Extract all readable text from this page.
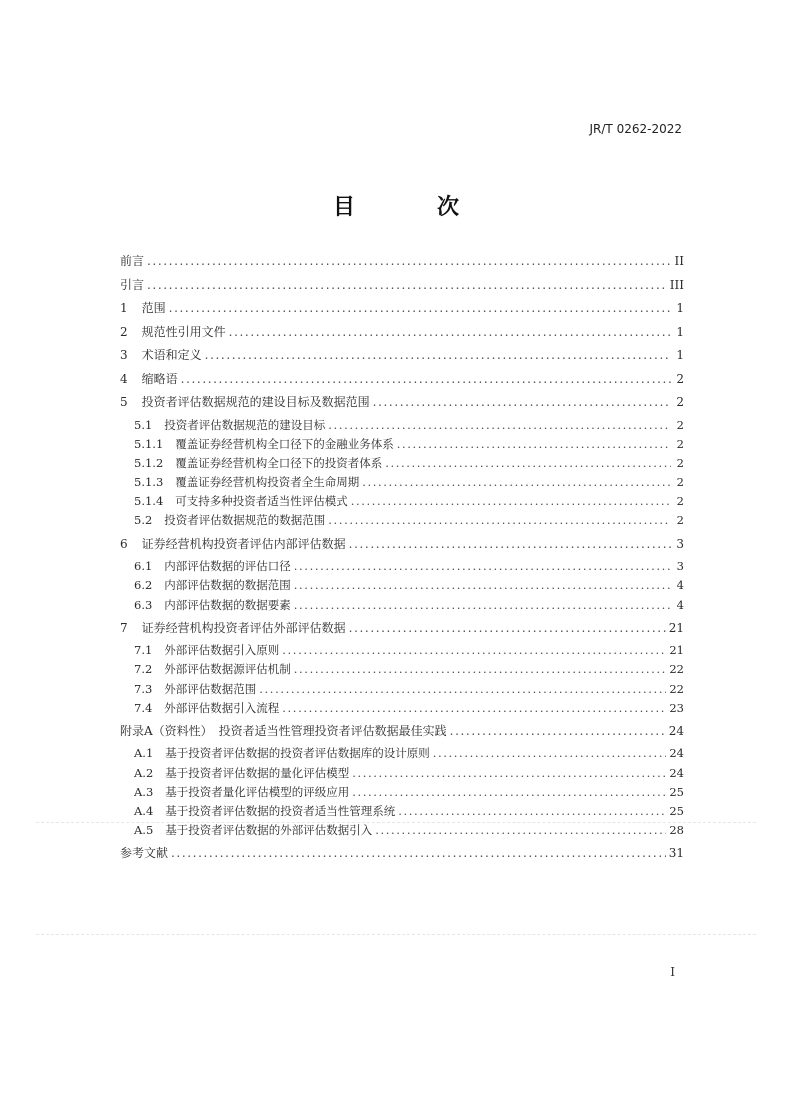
JR/T 0262-2022
目　次
前言 .....	II
引言 .....	III
1 范围 .....	1
2 规范性引用文件 .....	1
3 术语和定义 .....	1
4 缩略语 .....	2
5 投资者评估数据规范的建设目标及数据范围 .....	2
5.1 投资者评估数据规范的建设目标 .....	2
5.1.1 覆盖证券经营机构全口径下的金融业务体系 .....	2
5.1.2 覆盖证券经营机构全口径下的投资者体系 .....	2
5.1.3 覆盖证券经营机构投资者全生命周期 .....	2
5.1.4 可支持多种投资者适当性评估模式 .....	2
5.2 投资者评估数据规范的数据范围 .....	2
6 证券经营机构投资者评估内部评估数据 .....	3
6.1 内部评估数据的评估口径 .....	3
6.2 内部评估数据的数据范围 .....	4
6.3 内部评估数据的数据要素 .....	4
7 证券经营机构投资者评估外部评估数据 .....	21
7.1 外部评估数据引入原则 .....	21
7.2 外部评估数据源评估机制 .....	22
7.3 外部评估数据范围 .....	22
7.4 外部评估数据引入流程 .....	23
附录A（资料性）　投资者适当性管理投资者评估数据最佳实践 .....	24
A.1 基于投资者评估数据的投资者评估数据库的设计原则 .....	24
A.2 基于投资者评估数据的量化评估模型 .....	24
A.3 基于投资者量化评估模型的评级应用 .....	25
A.4 基于投资者评估数据的投资者适当性管理系统 .....	25
A.5 基于投资者评估数据的外部评估数据引入 .....	28
参考文献 .....	31
I
